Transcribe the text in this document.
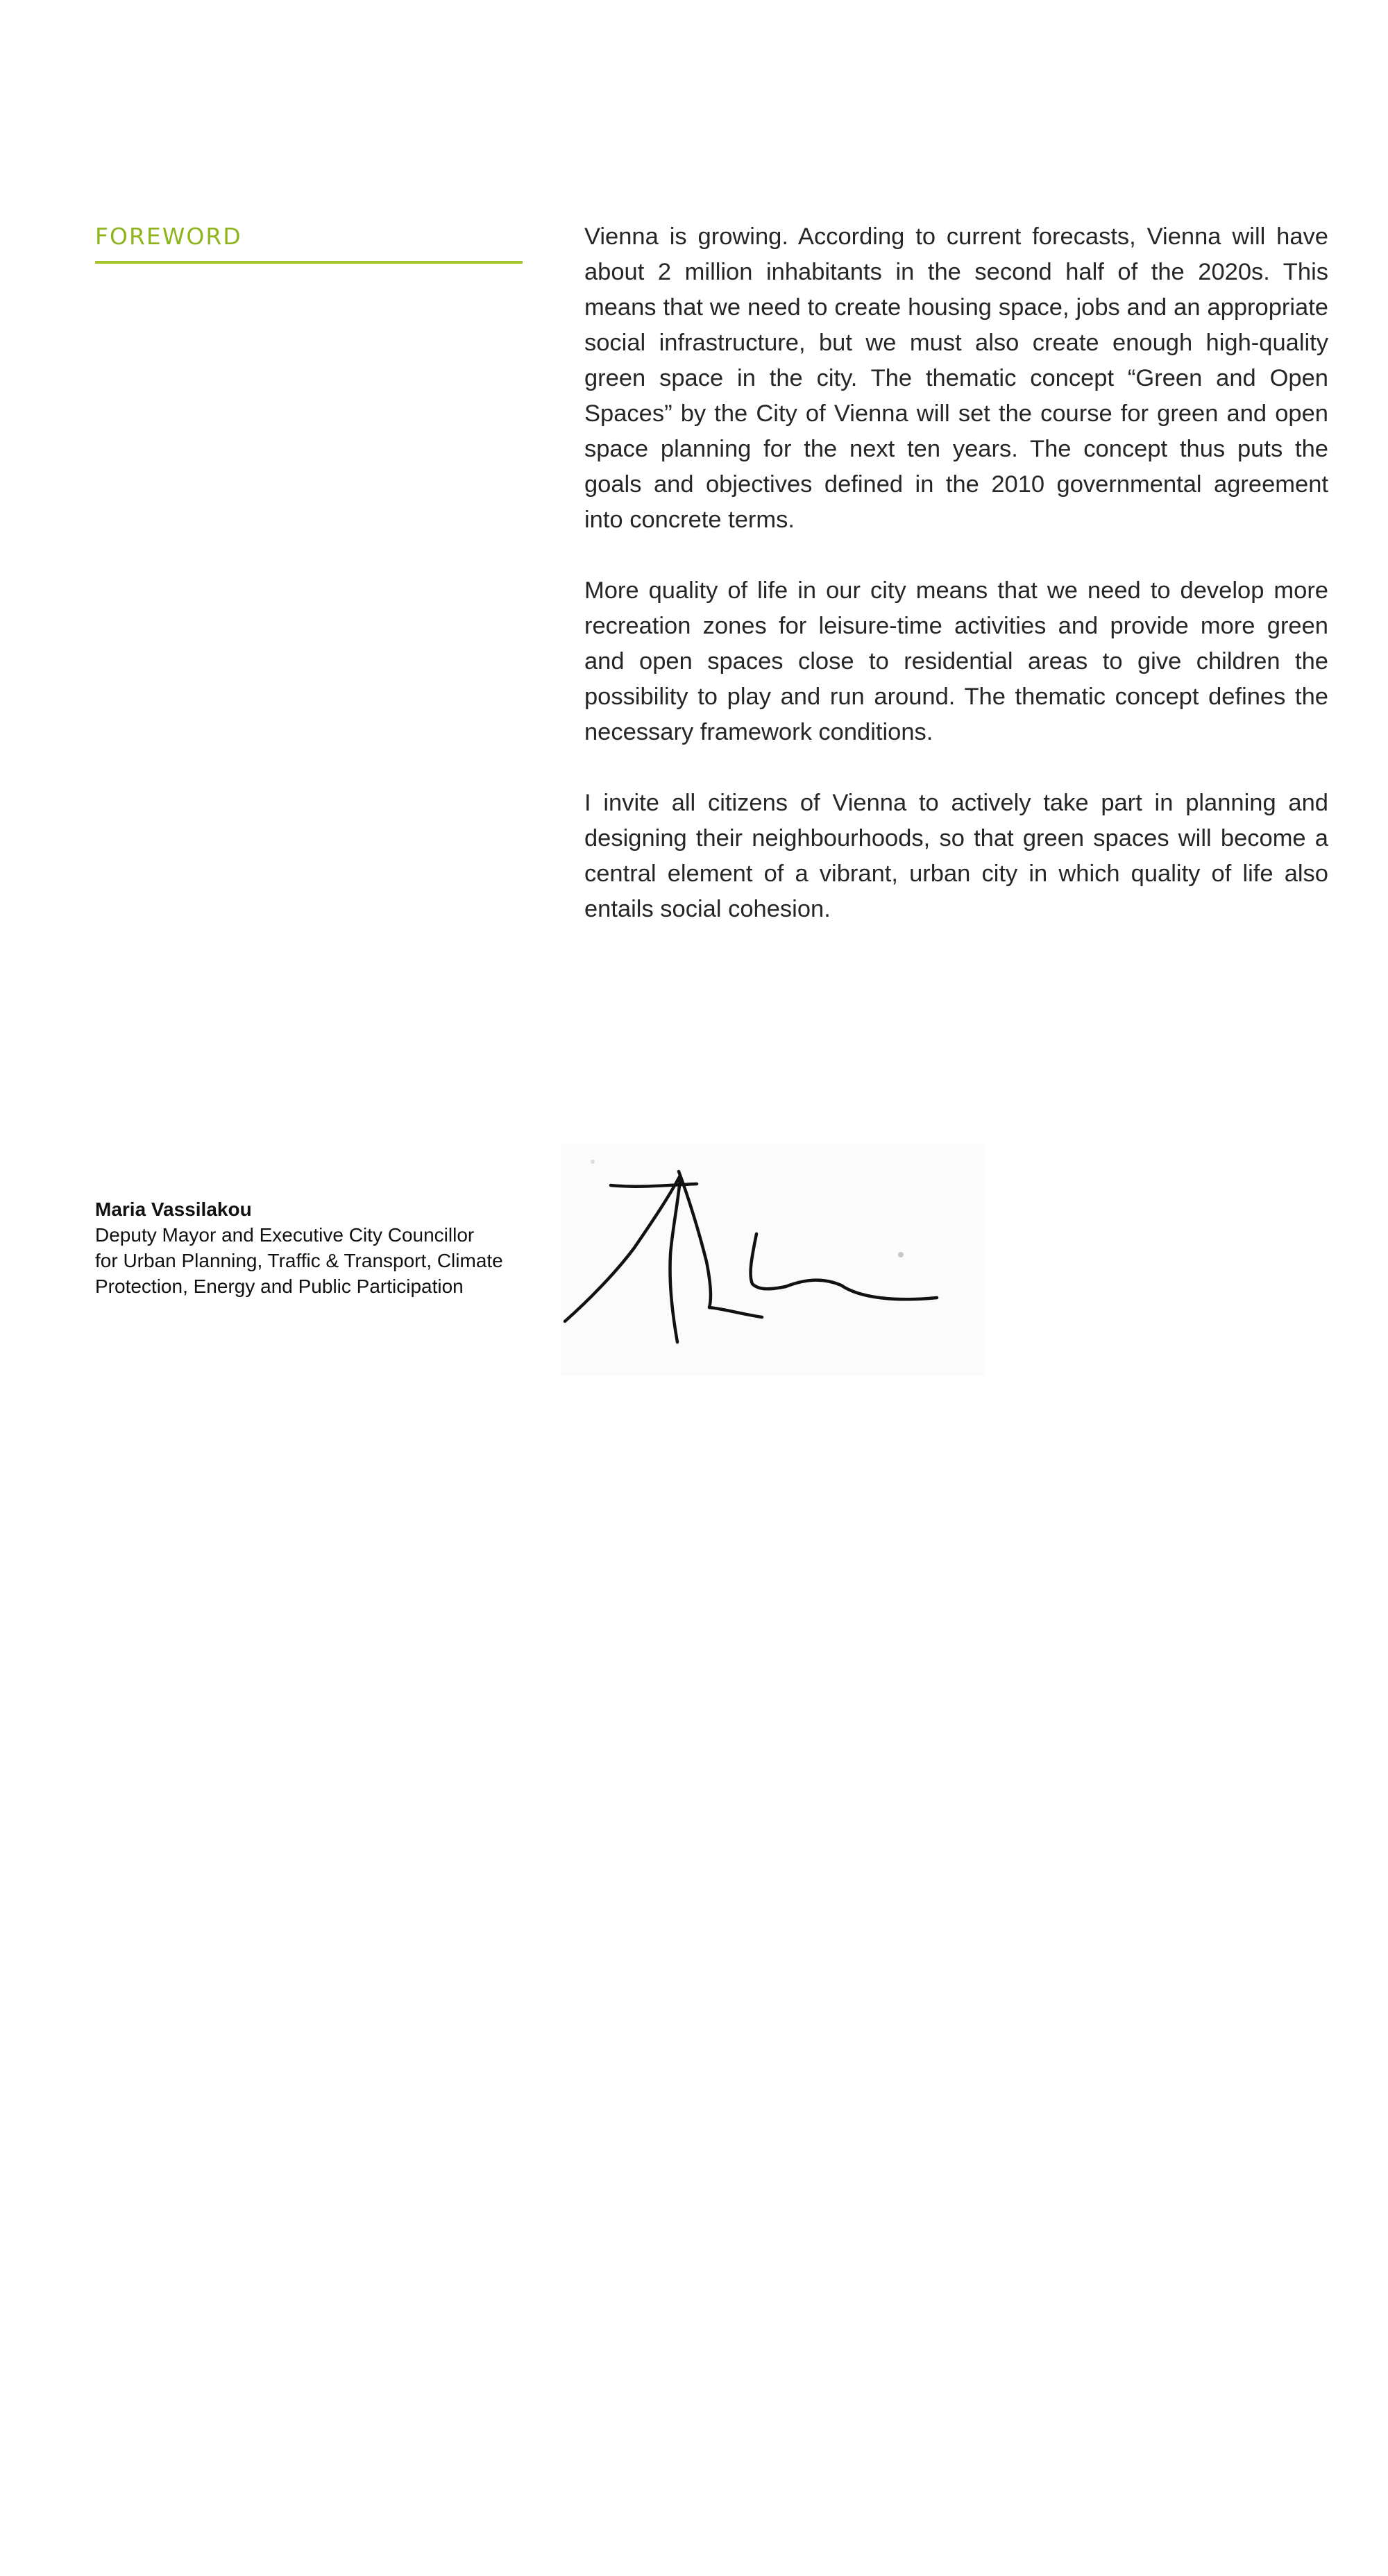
FOREWORD	Vienna is growing. According to current forecasts, Vienna will have about 2 million inhabitants in the second half of the 2020s. This means that we need to create housing space, jobs and an appropriate social infrastructure, but we must also create enough high-quality green space in the city. The thematic concept “Green and Open Spaces” by the City of Vienna will set the course for green and open space planning for the next ten years. The concept thus puts the goals and objectives defined in the 2010 governmental agreement into concrete terms.

More quality of life in our city means that we need to develop more recreation zones for leisure-time activities and provide more green and open spaces close to residential areas to give children the possibility to play and run around. The thematic concept defines the necessary framework conditions.

I invite all citizens of Vienna to actively take part in planning and designing their neighbourhoods, so that green spaces will become a central element of a vibrant, urban city in which quality of life also entails social cohesion.

Maria Vassilakou
Deputy Mayor and Executive City Councillor
for Urban Planning, Traffic & Transport, Climate
Protection, Energy and Public Participation
